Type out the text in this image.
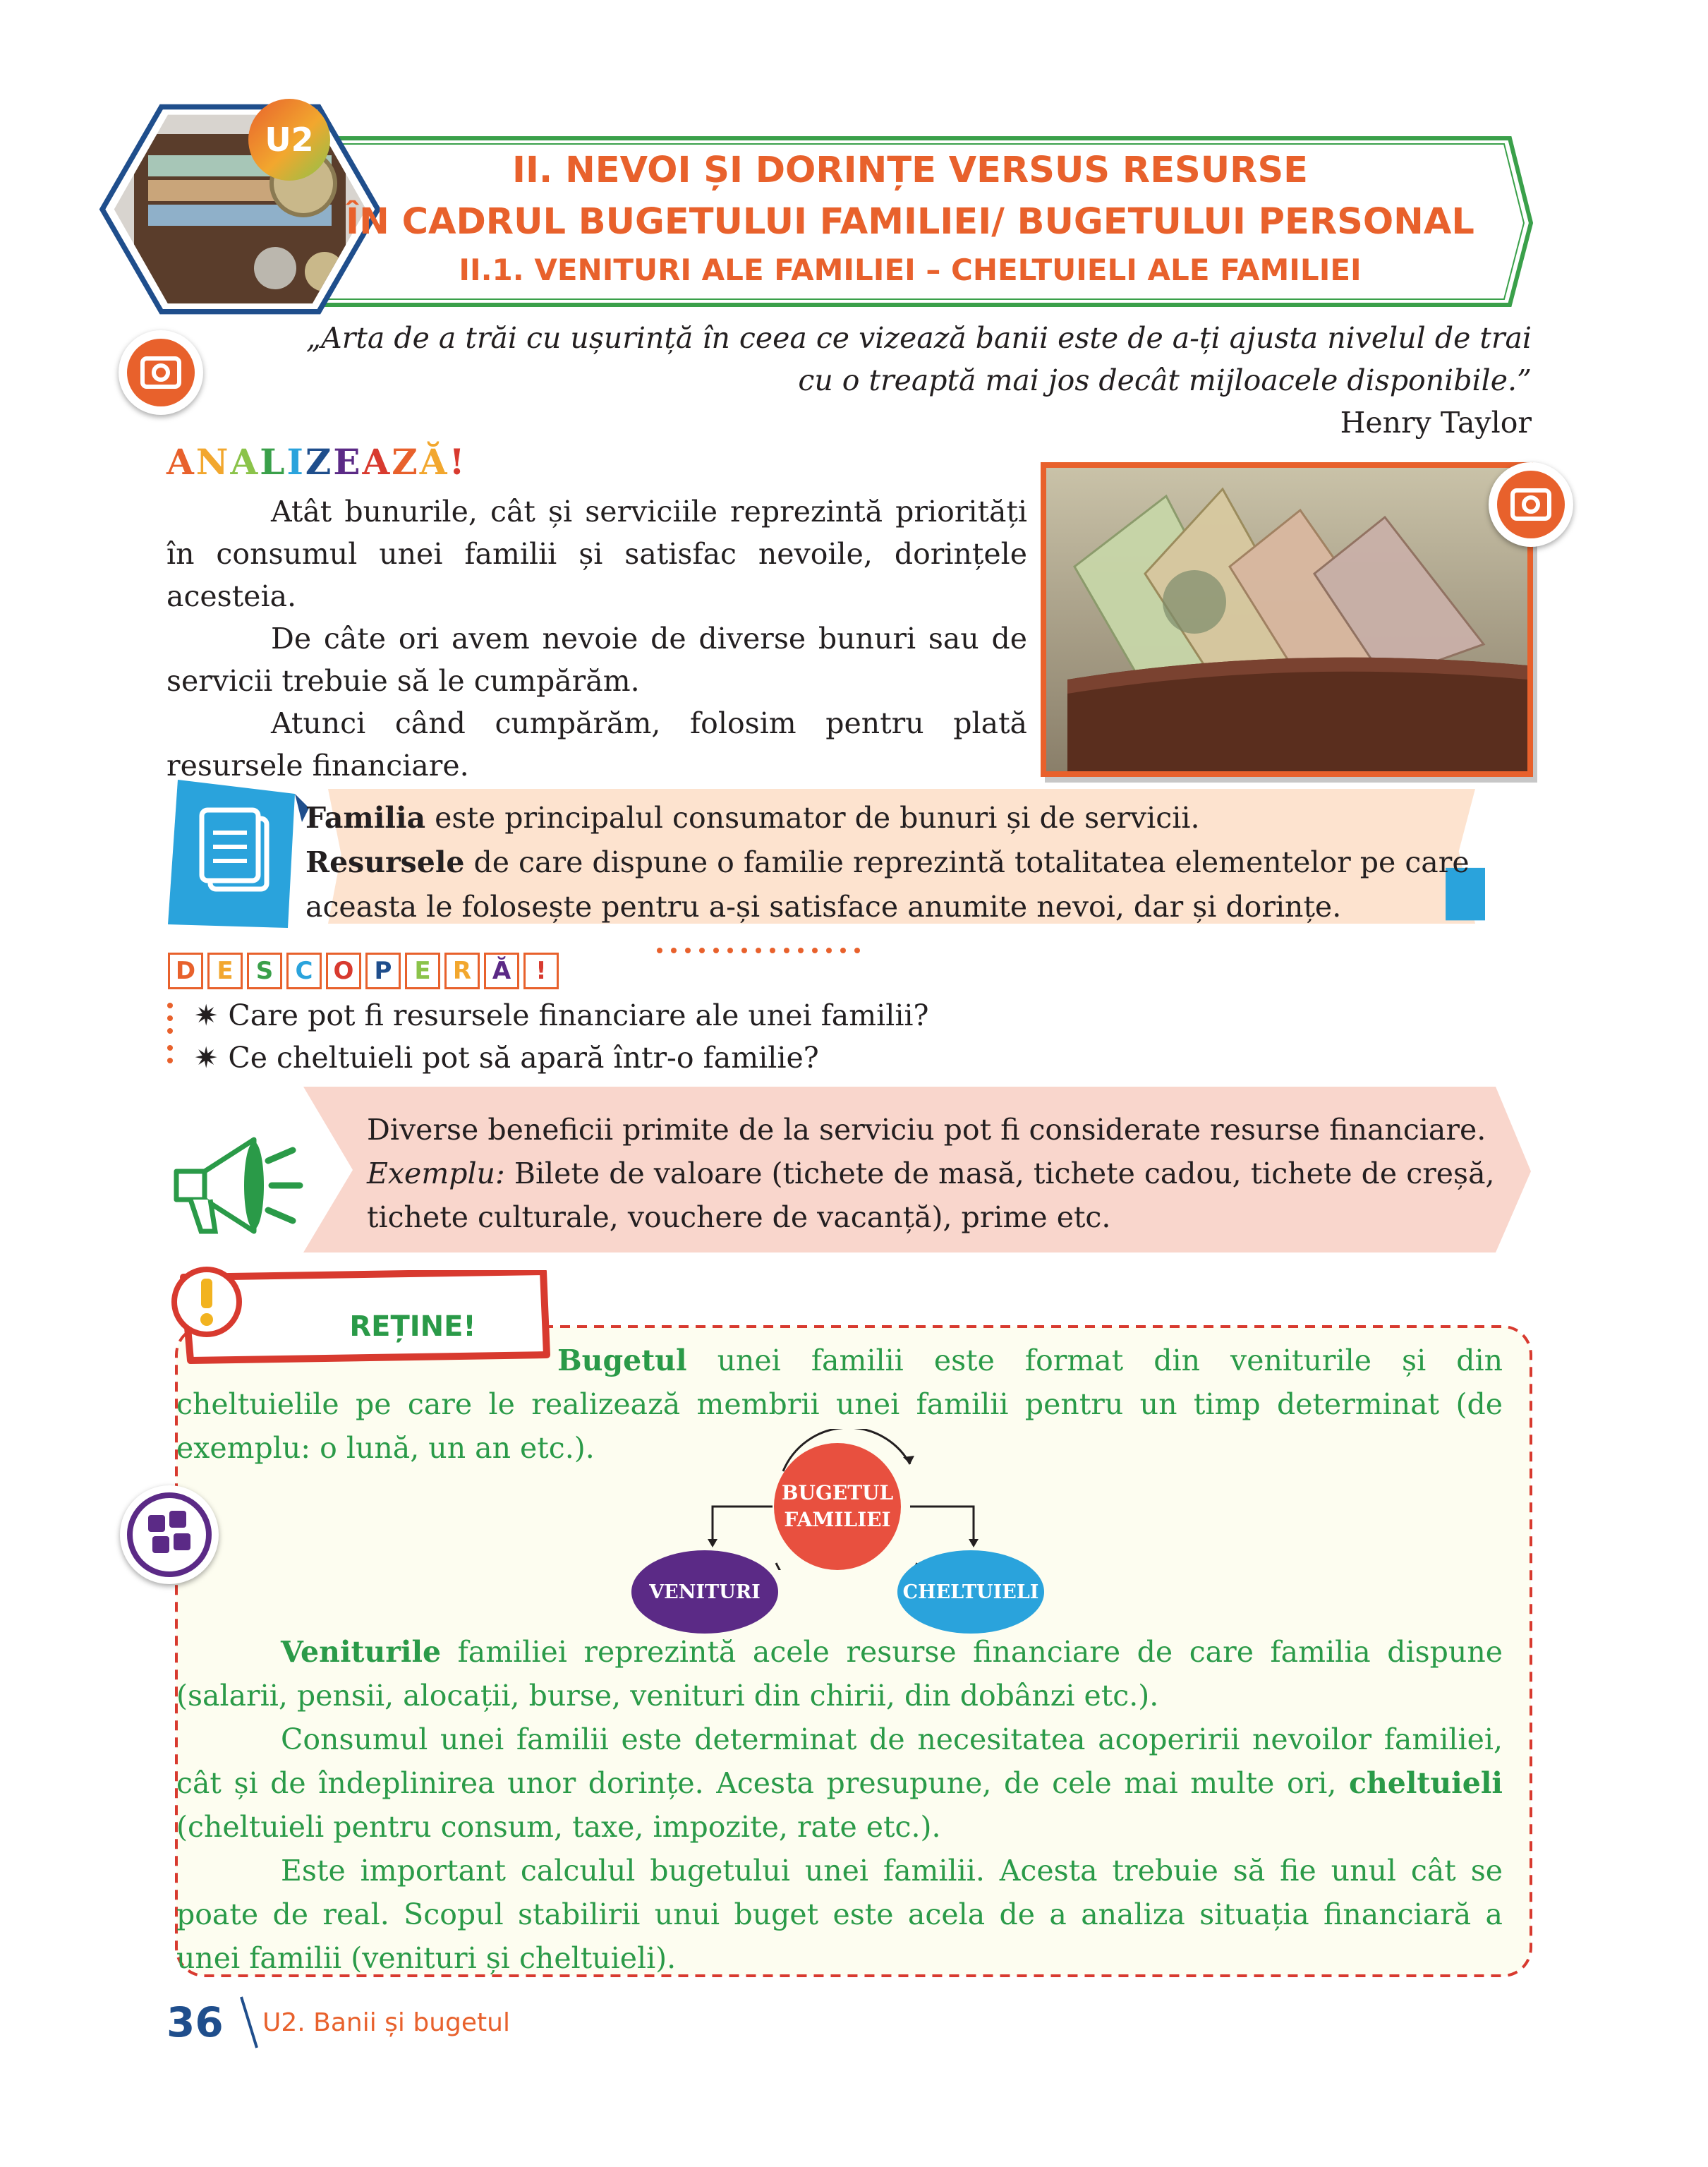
U2
II. NEVOI ȘI DORINȚE VERSUS RESURSE
ÎN CADRUL BUGETULUI FAMILIEI/ BUGETULUI PERSONAL
II.1. VENITURI ALE FAMILIEI – CHELTUIELI ALE FAMILIEI
„Arta de a trăi cu ușurință în ceea ce vizează banii este de a-ți ajusta nivelul de trai
cu o treaptă mai jos decât mijloacele disponibile.”
Henry Taylor
ANALIZEAZĂ!
Atât bunurile, cât și serviciile reprezintă priorități în consumul unei familii și satisfac nevoile, dorințele acesteia.
De câte ori avem nevoie de diverse bunuri sau de servicii trebuie să le cumpărăm.
Atunci când cumpărăm, folosim pentru plată resursele financiare.
Familia este principalul consumator de bunuri și de servicii.
Resursele de care dispune o familie reprezintă totalitatea elementelor pe care aceasta le folosește pentru a-și satisface anumite nevoi, dar și dorințe.
D E S C O P E R Ă	!
✷ Care pot fi resursele financiare ale unei familii?
✷ Ce cheltuieli pot să apară într-o familie?
Diverse beneficii primite de la serviciu pot fi considerate resurse financiare.
Exemplu: Bilete de valoare (tichete de masă, tichete cadou, tichete de creșă, tichete culturale, vouchere de vacanță), prime etc.
REȚINE!
Bugetul unei familii este format din veniturile și din cheltuielile pe care le realizează membrii unei familii pentru un timp determinat (de exemplu: o lună, un an etc.).
BUGETUL
FAMILIEI
VENITURI	CHELTUIELI
Veniturile familiei reprezintă acele resurse financiare de care familia dispune (salarii, pensii, alocații, burse, venituri din chirii, din dobânzi etc.).
Consumul unei familii este determinat de necesitatea acoperirii nevoilor familiei, cât și de îndeplinirea unor dorințe. Acesta presupune, de cele mai multe ori, cheltuieli (cheltuieli pentru consum, taxe, impozite, rate etc.).
Este important calculul bugetului unei familii. Acesta trebuie să fie unul cât se poate de real. Scopul stabilirii unui buget este acela de a analiza situația financiară a unei familii (venituri și cheltuieli).
36 U2. Banii și bugetul
